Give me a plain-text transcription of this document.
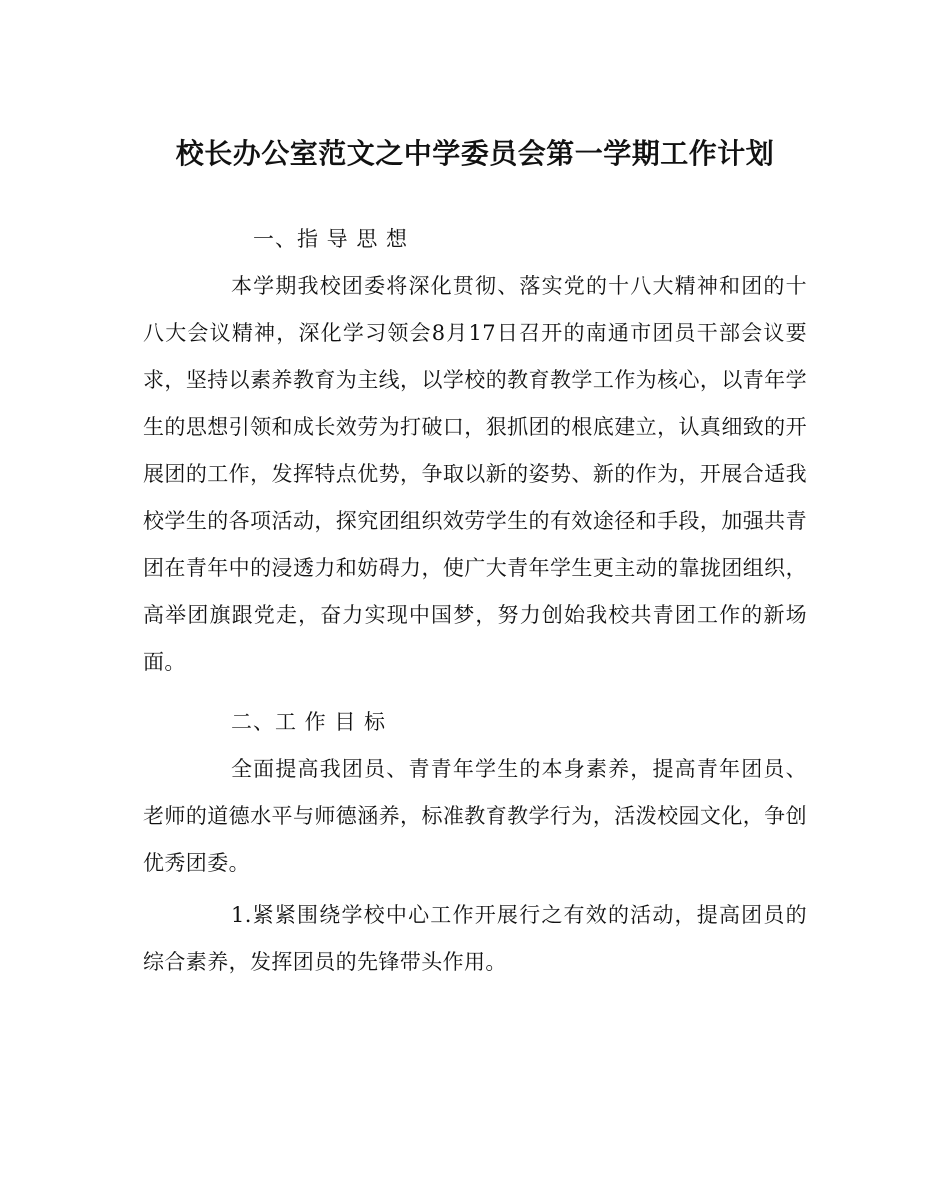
校长办公室范文之中学委员会第一学期工作计划
一、指 导 思 想
本学期我校团委将深化贯彻、落实党的十八大精神和团的十八大会议精神，深化学习领会8月17日召开的南通市团员干部会议要求，坚持以素养教育为主线，以学校的教育教学工作为核心，以青年学生的思想引领和成长效劳为打破口，狠抓团的根底建立，认真细致的开展团的工作，发挥特点优势，争取以新的姿势、新的作为，开展合适我校学生的各项活动，探究团组织效劳学生的有效途径和手段，加强共青团在青年中的浸透力和妨碍力，使广大青年学生更主动的靠拢团组织，高举团旗跟党走，奋力实现中国梦，努力创始我校共青团工作的新场面。
二、工 作 目 标
全面提高我团员、青青年学生的本身素养，提高青年团员、老师的道德水平与师德涵养，标准教育教学行为，活泼校园文化，争创优秀团委。
1.紧紧围绕学校中心工作开展行之有效的活动，提高团员的综合素养，发挥团员的先锋带头作用。
